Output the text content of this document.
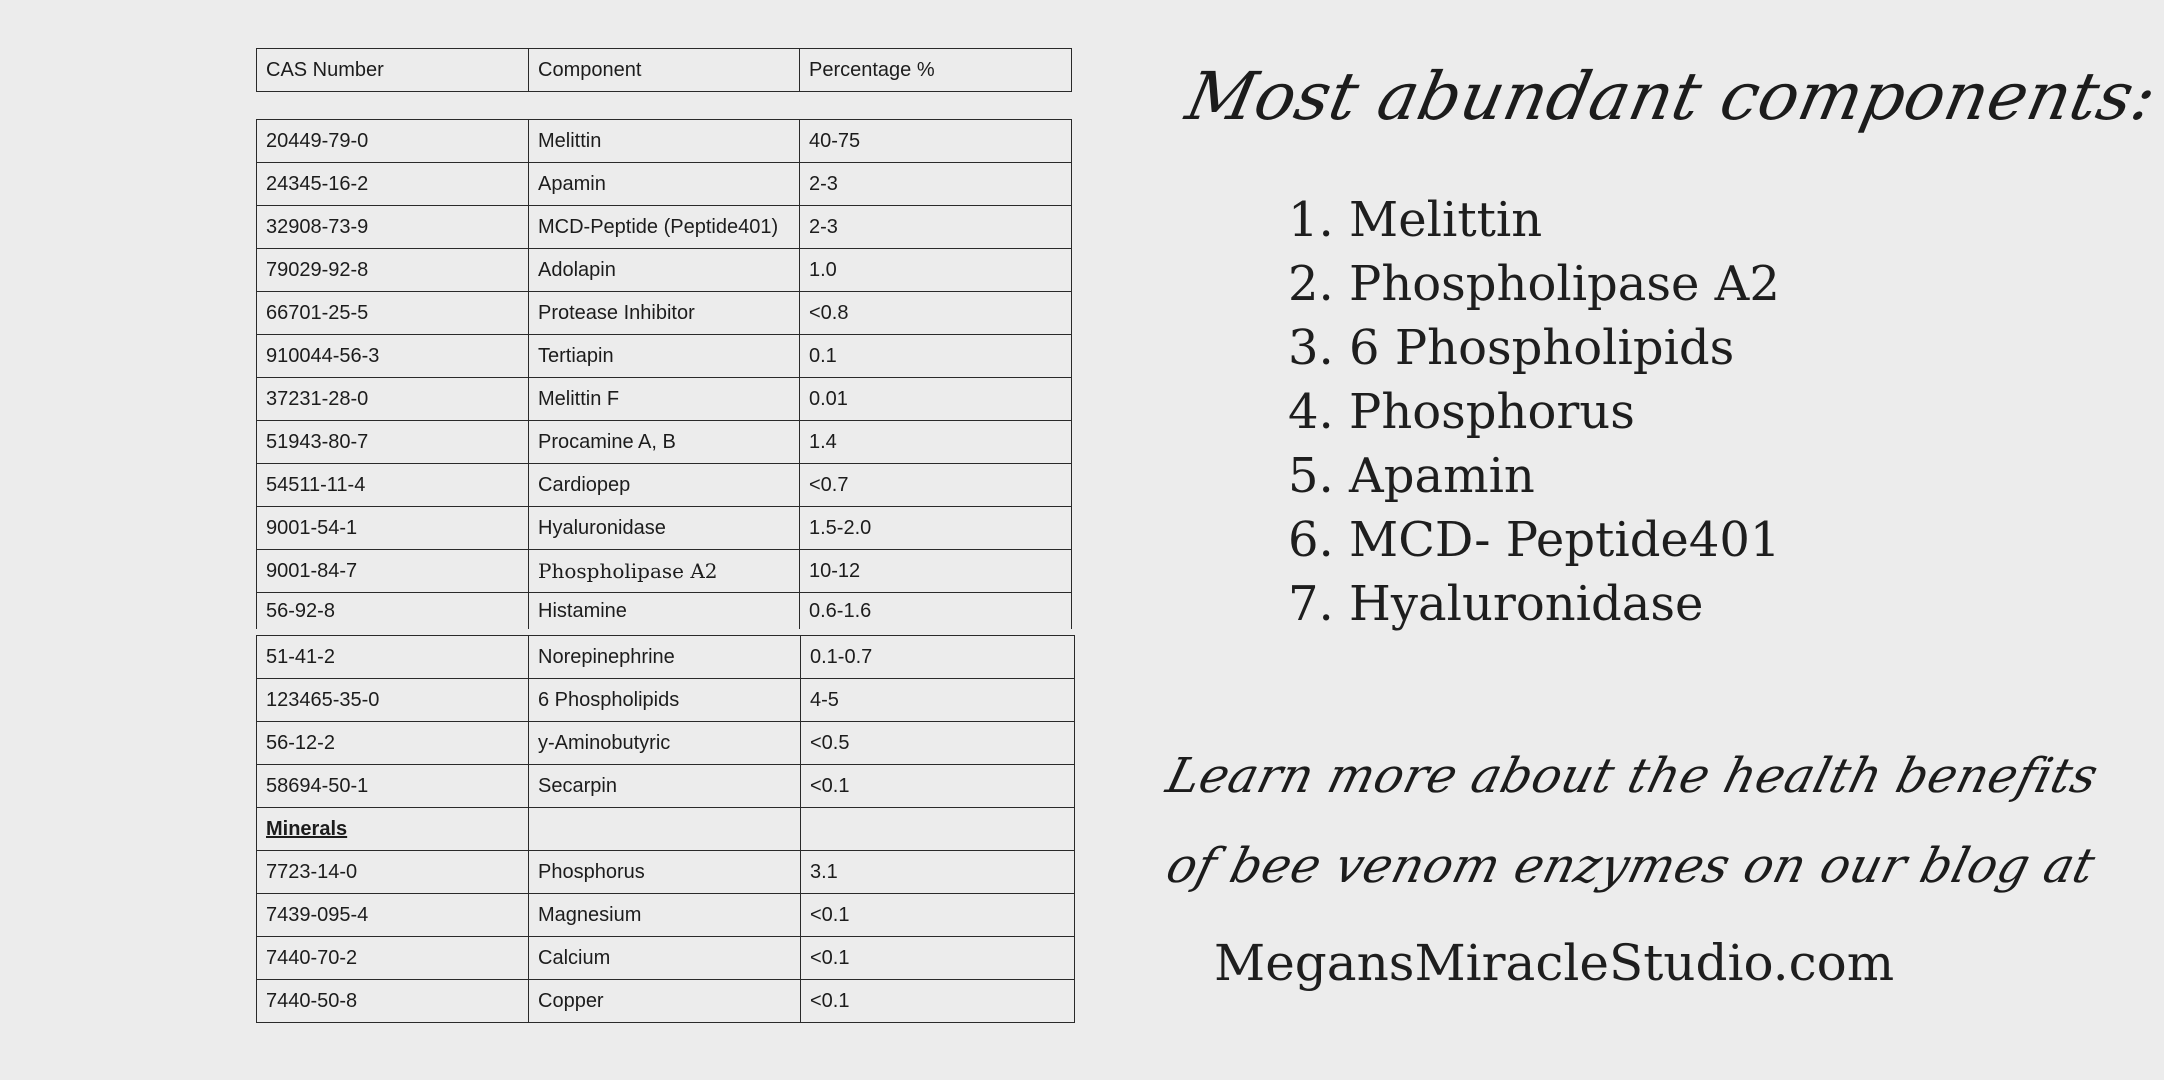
CAS Number	Component	Percentage %
20449-79-0	Melittin	40-75
24345-16-2	Apamin	2-3
32908-73-9	MCD-Peptide (Peptide401)	2-3
79029-92-8	Adolapin	1.0
66701-25-5	Protease Inhibitor	<0.8
910044-56-3	Tertiapin	0.1
37231-28-0	Melittin F	0.01
51943-80-7	Procamine A, B	1.4
54511-11-4	Cardiopep	<0.7
9001-54-1	Hyaluronidase	1.5-2.0
9001-84-7	Phospholipase A2	10-12
56-92-8	Histamine	0.6-1.6
51-41-2	Norepinephrine	0.1-0.7
123465-35-0	6 Phospholipids	4-5
56-12-2	y-Aminobutyric	<0.5
58694-50-1	Secarpin	<0.1
Minerals		
7723-14-0	Phosphorus	3.1
7439-095-4	Magnesium	<0.1
7440-70-2	Calcium	<0.1
7440-50-8	Copper	<0.1
Most abundant components:
1. Melittin
2. Phospholipase A2
3. 6 Phospholipids
4. Phosphorus
5. Apamin
6. MCD- Peptide401
7. Hyaluronidase
Learn more about the health benefits
of bee venom enzymes on our blog at
MegansMiracleStudio.com
